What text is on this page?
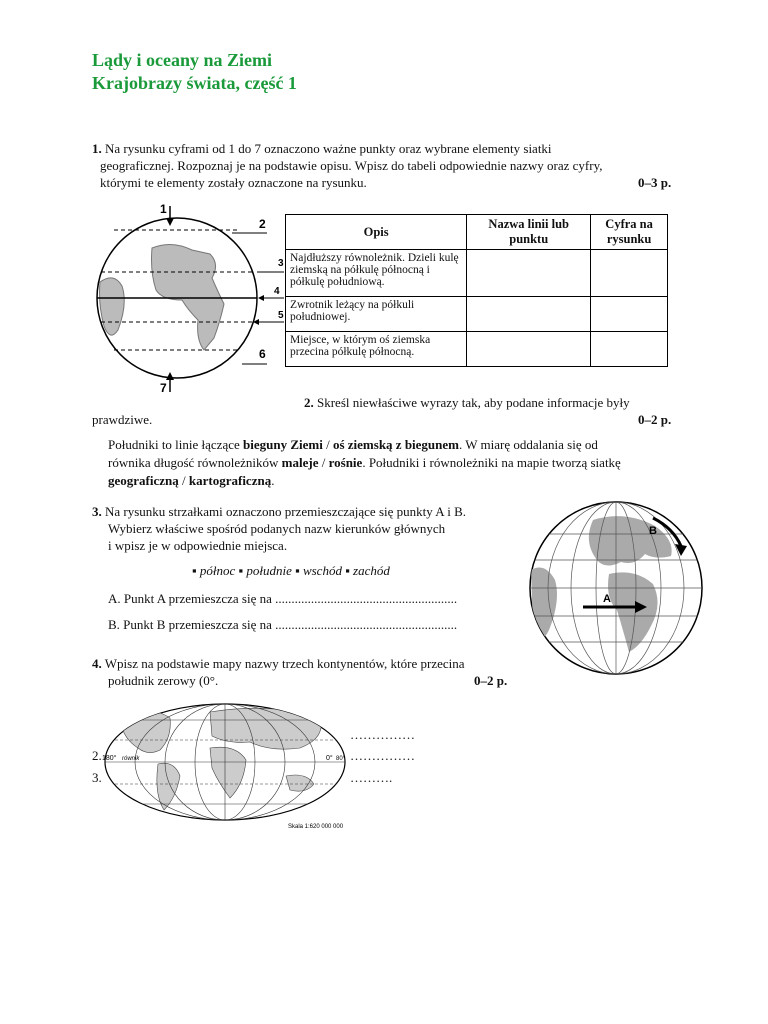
Lądy i oceany na Ziemi
Krajobrazy świata, część 1
1. Na rysunku cyframi od 1 do 7 oznaczono ważne punkty oraz wybrane elementy siatki
geograficznej. Rozpoznaj je na podstawie opisu. Wpisz do tabeli odpowiednie nazwy oraz cyfry,
którymi te elementy zostały oznaczone na rysunku.	0–3 p.
1
2
3
4
5
6
7
Opis	Nazwa linii lub punktu	Cyfra na rysunku
Najdłuższy równoleżnik. Dzieli kulę ziemską na półkulę północną i półkulę południową.		
Zwrotnik leżący na półkuli południowej.		
Miejsce, w którym oś ziemska przecina półkulę północną.		
2. Skreśl niewłaściwe wyrazy tak, aby podane informacje były
prawdziwe.	0–2 p.
Południki to linie łączące bieguny Ziemi / oś ziemską z biegunem. W miarę oddalania się od
równika długość równoleżników maleje / rośnie. Południki i równoleżniki na mapie tworzą siatkę
geograficzną / kartograficzną.
3. Na rysunku strzałkami oznaczono przemieszczające się punkty A i B.
Wybierz właściwe spośród podanych nazw kierunków głównych
i wpisz je w odpowiednie miejsca.
▪ północ ▪ południe ▪ wschód ▪ zachód
A. Punkt A przemieszcza się na ........................................................
B. Punkt B przemieszcza się na ........................................................
A
B
4. Wpisz na podstawie mapy nazwy trzech kontynentów, które przecina
południk zerowy (0°.	0–2 p.
180° równik	0° 80°
Skala 1:620 000 000
……………
2.	……………
3.	……….
